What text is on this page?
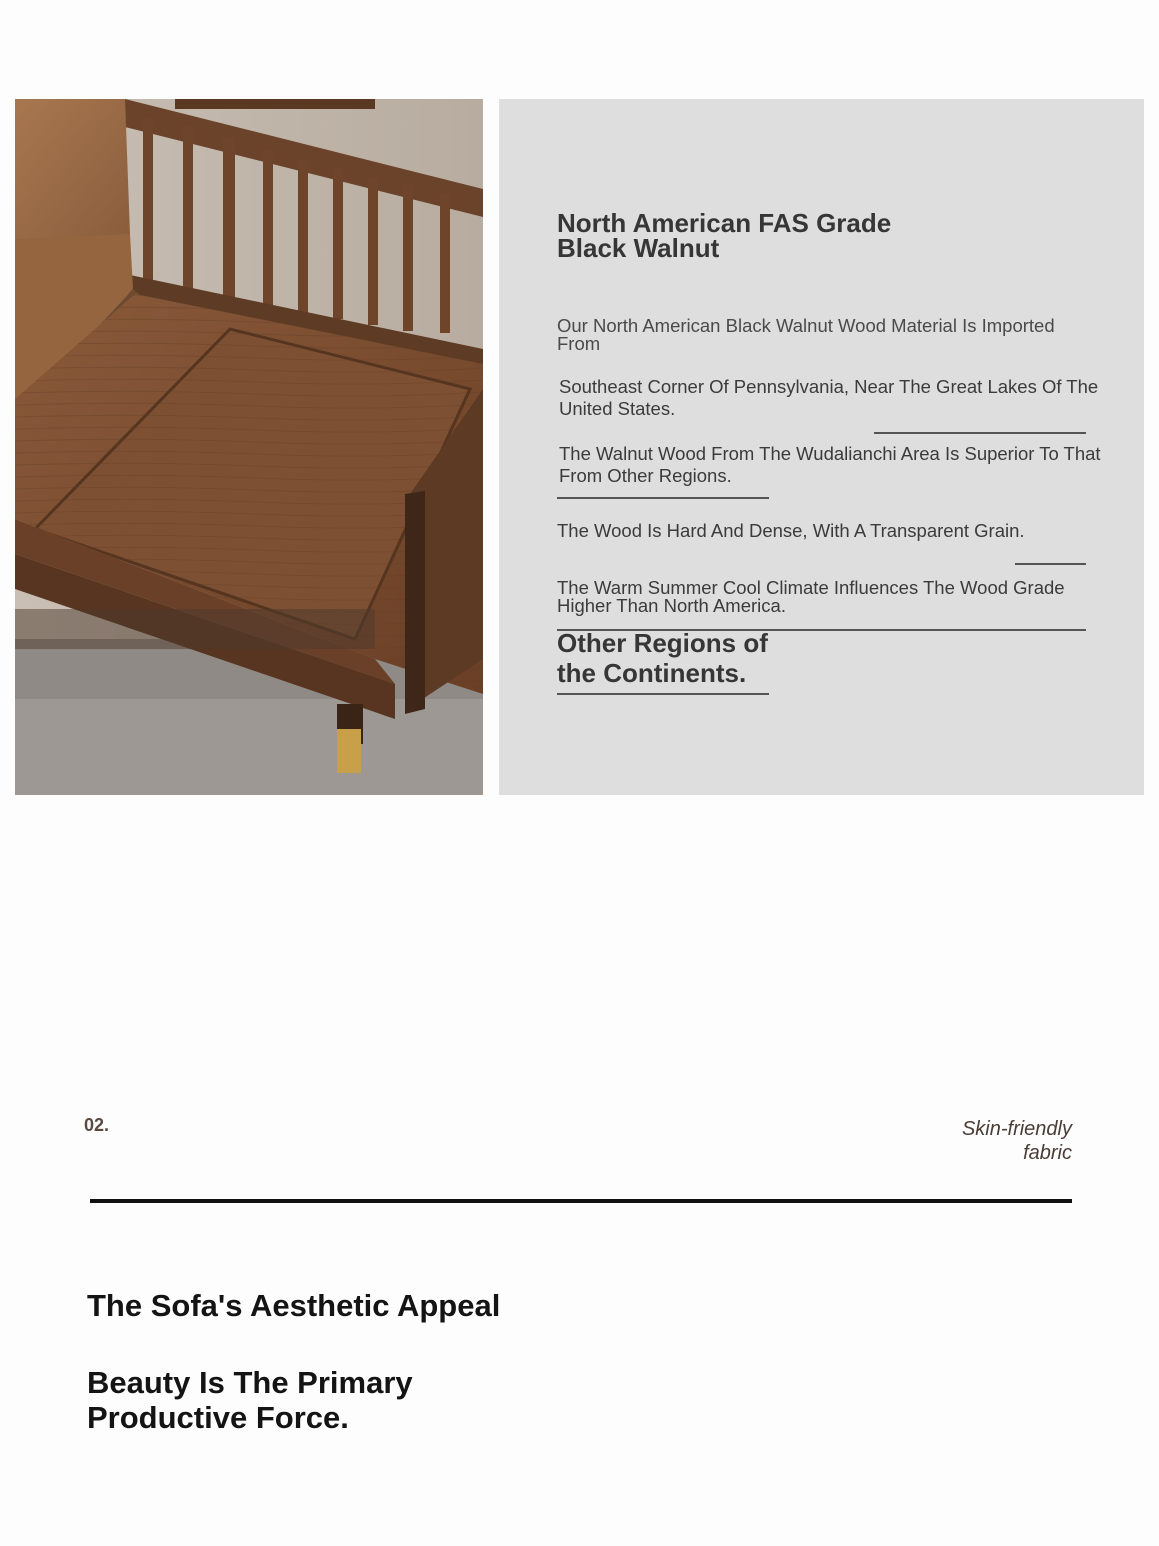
North American FAS Grade
Black Walnut

Our North American Black Walnut Wood Material Is Imported From

Southeast Corner Of Pennsylvania, Near The Great Lakes Of The United States.

The Walnut Wood From The Wudalianchi Area Is Superior To That From Other Regions.

The Wood Is Hard And Dense, With A Transparent Grain.

The Warm Summer Cool Climate Influences The Wood Grade Higher Than North America.

Other Regions of
the Continents.
02.	Skin-friendly
fabric
The Sofa's Aesthetic Appeal
Beauty Is The Primary Productive Force.
